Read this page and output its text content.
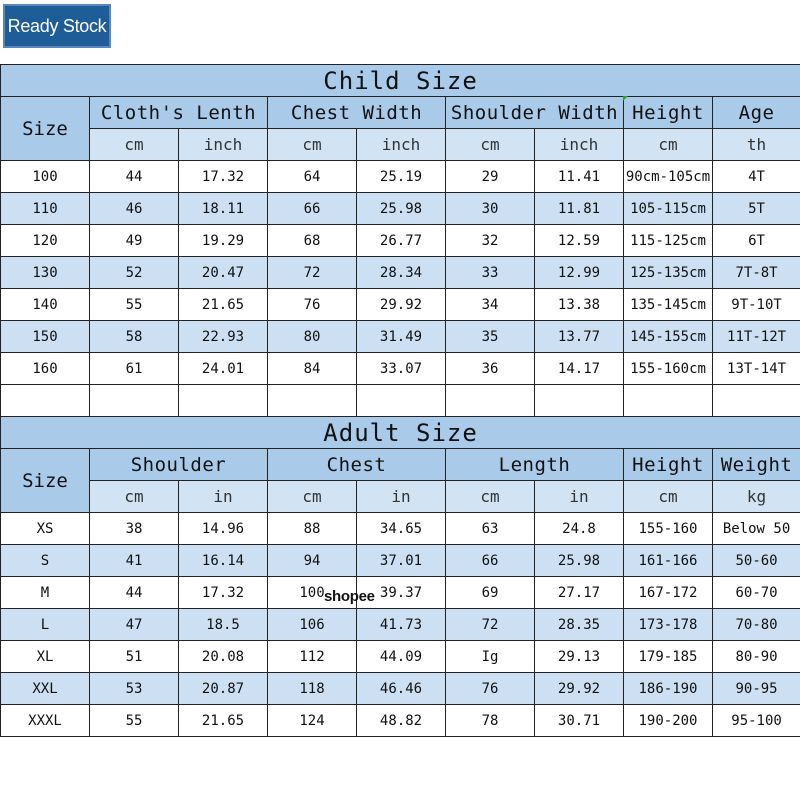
Ready Stock
Child Size								
Size	Cloth's Lenth		Chest Width		Shoulder Width		Height	Age
	cm	inch	cm	inch	cm	inch	cm	th
100	44	17.32	64	25.19	29	11.41	90cm-105cm	4T
110	46	18.11	66	25.98	30	11.81	105-115cm	5T
120	49	19.29	68	26.77	32	12.59	115-125cm	6T
130	52	20.47	72	28.34	33	12.99	125-135cm	7T-8T
140	55	21.65	76	29.92	34	13.38	135-145cm	9T-10T
150	58	22.93	80	31.49	35	13.77	145-155cm	11T-12T
160	61	24.01	84	33.07	36	14.17	155-160cm	13T-14T

Adult Size								
Size	Shoulder		Chest		Length		Height	Weight
	cm	in	cm	in	cm	in	cm	kg
XS	38	14.96	88	34.65	63	24.8	155-160	Below 50
S	41	16.14	94	37.01	66	25.98	161-166	50-60
M	44	17.32	100	39.37	69	27.17	167-172	60-70
L	47	18.5	106	41.73	72	28.35	173-178	70-80
XL	51	20.08	112	44.09	Ig	29.13	179-185	80-90
XXL	53	20.87	118	46.46	76	29.92	186-190	90-95
XXXL	55	21.65	124	48.82	78	30.71	190-200	95-100
shopee
